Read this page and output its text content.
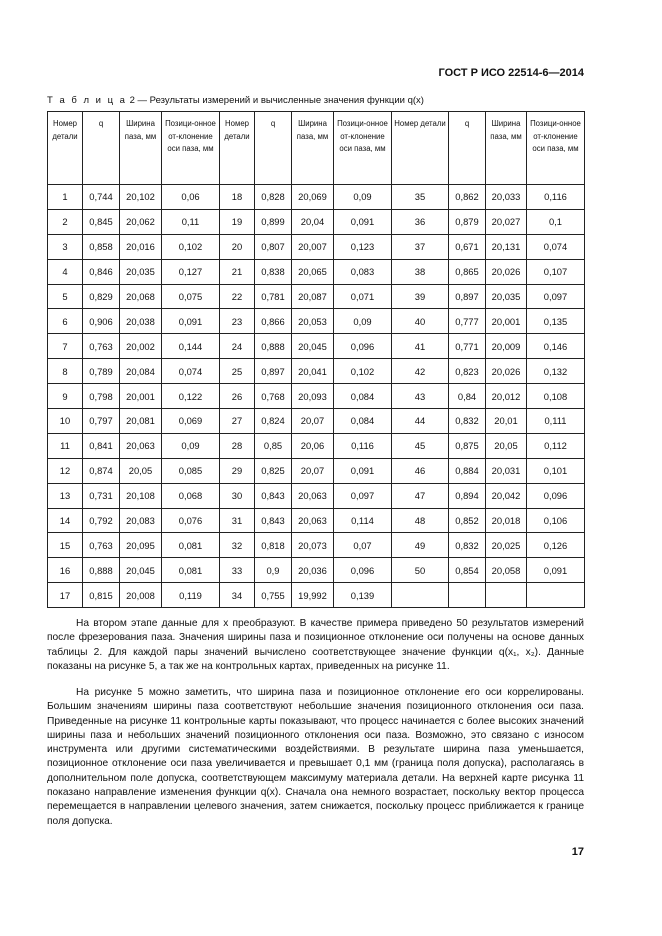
ГОСТ Р ИСО 22514-6—2014
Т а б л и ц а 2 — Результаты измерений и вычисленные значения функции q(x)
Номер детали	q	Ширина паза, мм	Позици-онное от-клонение оси паза, мм	Номер детали	q	Ширина паза, мм	Позици-онное от-клонение оси паза, мм	Номер детали	q	Ширина паза, мм	Позици-онное от-клонение оси паза, мм
1	0,744	20,102	0,06	18	0,828	20,069	0,09	35	0,862	20,033	0,116
2	0,845	20,062	0,11	19	0,899	20,04	0,091	36	0,879	20,027	0,1
3	0,858	20,016	0,102	20	0,807	20,007	0,123	37	0,671	20,131	0,074
4	0,846	20,035	0,127	21	0,838	20,065	0,083	38	0,865	20,026	0,107
5	0,829	20,068	0,075	22	0,781	20,087	0,071	39	0,897	20,035	0,097
6	0,906	20,038	0,091	23	0,866	20,053	0,09	40	0,777	20,001	0,135
7	0,763	20,002	0,144	24	0,888	20,045	0,096	41	0,771	20,009	0,146
8	0,789	20,084	0,074	25	0,897	20,041	0,102	42	0,823	20,026	0,132
9	0,798	20,001	0,122	26	0,768	20,093	0,084	43	0,84	20,012	0,108
10	0,797	20,081	0,069	27	0,824	20,07	0,084	44	0,832	20,01	0,111
11	0,841	20,063	0,09	28	0,85	20,06	0,116	45	0,875	20,05	0,112
12	0,874	20,05	0,085	29	0,825	20,07	0,091	46	0,884	20,031	0,101
13	0,731	20,108	0,068	30	0,843	20,063	0,097	47	0,894	20,042	0,096
14	0,792	20,083	0,076	31	0,843	20,063	0,114	48	0,852	20,018	0,106
15	0,763	20,095	0,081	32	0,818	20,073	0,07	49	0,832	20,025	0,126
16	0,888	20,045	0,081	33	0,9	20,036	0,096	50	0,854	20,058	0,091
17	0,815	20,008	0,119	34	0,755	19,992	0,139				

На втором этапе данные для x преобразуют. В качестве примера приведено 50 результатов измерений после фрезерования паза. Значения ширины паза и позиционное отклонение оси получены на основе данных таблицы 2. Для каждой пары значений вычислено соответствующее значение функции q(x₁, x₂). Данные показаны на рисунке 5, а так же на контрольных картах, приведенных на рисунке 11.

На рисунке 5 можно заметить, что ширина паза и позиционное отклонение его оси коррелированы. Большим значениям ширины паза соответствуют небольшие значения позиционного отклонения оси паза. Приведенные на рисунке 11 контрольные карты показывают, что процесс начинается с более высоких значений ширины паза и небольших значений позиционного отклонения оси паза. Возможно, это связано с износом инструмента или другими систематическими воздействиями. В результате ширина паза уменьшается, позиционное отклонение оси паза увеличивается и превышает 0,1 мм (граница поля допуска), располагаясь в дополнительном поле допуска, соответствующем максимуму материала детали. На верхней карте рисунка 11 показано направление изменения функции q(x). Сначала она немного возрастает, поскольку вектор процесса перемещается в направлении целевого значения, затем снижается, поскольку процесс приближается к границе поля допуска.

17
